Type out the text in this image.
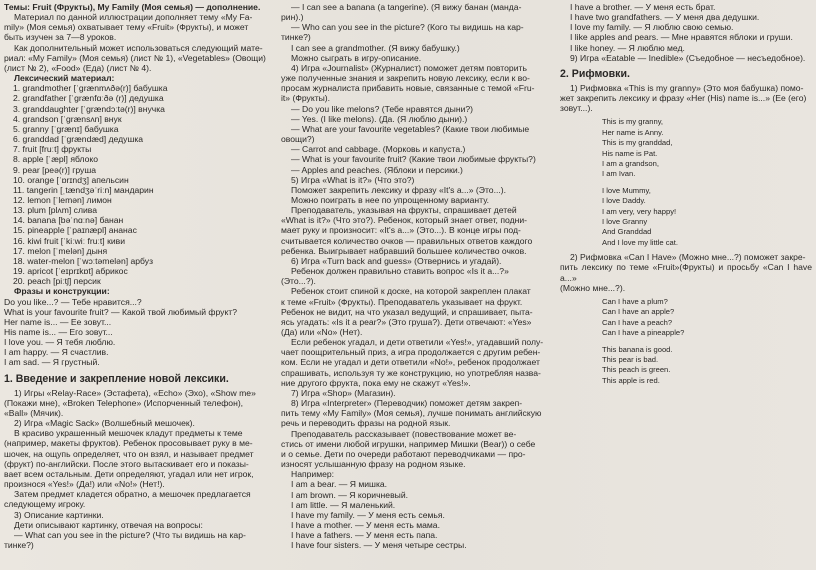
Темы: Fruit (Фрукты), My Family (Моя семья) — дополнение.

Материал по данной иллюстрации дополняет тему «My Fa-

mily» (Моя семья) охватывает тему «Fruit» (Фрукты), и может

быть изучен за 7—8 уроков.

Как дополнительный может использоваться следующий мате-

риал: «My Family» (Моя семья) (лист № 1), «Vegetables» (Овощи)

(лист № 2), «Food» (Еда) (лист № 4).

Лексический материал:

1. grandmother [ˈgrænmʌðə(r)] бабушка

2. grandfather [ˈgrænfɑːðə (r)] дедушка

3. granddaughter [ˈgrændɔːtə(r)] внучка

4. grandson [ˈgrænsʌn] внук

5. granny [ˈgrænɪ] бабушка

6. granddad [ˈgrændæd] дедушка

7. fruit [fruːt] фрукты

8. apple [ˈæpl] яблоко

9. pear [peə(r)] груша

10. orange [ˈɒrɪndʒ] апельсин

11. tangerin [ˌtændʒəˈriːn] мандарин

12. lemon [ˈlemən] лимон

13. plum [plʌm] слива

14. banana [bəˈnɑːnə] банан

15. pineapple [ˈpaɪnæpl] ананас

16. kiwi fruit [ˈkiːwiː fruːt] киви

17. melon [ˈmelən] дыня

18. water-melon [ˈwɔːtəmelən] арбуз

19. apricot [ˈeɪprɪkɒt] абрикос

20. peach [piːtʃ] персик

Фразы и конструкции:

Do you like...? — Тебе нравится...?

What is your favourite fruit? — Какой твой любимый фрукт?

Her name is... — Ее зовут...

His name is... — Его зовут...

I love you. — Я тебя люблю.

I am happy. — Я счастлив.

I am sad. — Я грустный.

1. Введение и закрепление новой лексики.

1) Игры «Relay-Race» (Эстафета), «Echo» (Эхо), «Show me»

(Покажи мне), «Broken Telephone» (Испорченный телефон),

«Ball» (Мячик).

2) Игра «Magic Sack» (Волшебный мешочек).

В красиво украшенный мешочек кладут предметы к теме

(например, макеты фруктов). Ребенок просовывает руку в ме-

шочек, на ощупь определяет, что он взял, и называет предмет

(фрукт) по-английски. После этого вытаскивает его и показы-

вает всем остальным. Дети определяют, угадал или нет игрок,

произнося «Yes!» (Да!) или «No!» (Нет!).

Затем предмет кладется обратно, а мешочек предлагается

следующему игроку.

3) Описание картинки.

Дети описывают картинку, отвечая на вопросы:

— What can you see in the picture? (Что ты видишь на кар-

тинке?)

— I can see a banana (a tangerine). (Я вижу банан (манда-

рин).)

— Who can you see in the picture? (Кого ты видишь на кар-

тинке?)

I can see a grandmother. (Я вижу бабушку.)

Можно сыграть в игру-описание.

4) Игра «Journalist» (Журналист) поможет детям повторить

уже полученные знания и закрепить новую лексику, если к во-

просам журналиста прибавить новые, связанные с темой «Fru-

it» (Фрукты).

— Do you like melons? (Тебе нравятся дыни?)

— Yes. (I like melons). (Да. (Я люблю дыни).)

— What are your favourite vegetables? (Какие твои любимые

овощи?)

— Carrot and cabbage. (Морковь и капуста.)

— What is your favourite fruit? (Какие твои любимые фрукты?)

— Apples and peaches. (Яблоки и персики.)

5) Игра «What is it?» (Что это?)

Поможет закрепить лексику и фразу «It's a...» (Это...).

Можно поиграть в нее по упрощенному варианту.

Преподаватель, указывая на фрукты, спрашивает детей

«What is it?» (Что это?). Ребенок, который знает ответ, подни-

мает руку и произносит: «It's a...» (Это...). В конце игры под-

считывается количество очков — правильных ответов каждого

ребенка. Выигрывает набравший большее количество очков.

6) Игра «Turn back and guess» (Отвернись и угадай).

Ребенок должен правильно ставить вопрос «Is it a...?»

(Это...?).

Ребенок стоит спиной к доске, на которой закреплен плакат

к теме «Fruit» (Фрукты). Преподаватель указывает на фрукт.

Ребенок не видит, на что указал ведущий, и спрашивает, пыта-

ясь угадать: «Is it a pear?» (Это груша?). Дети отвечают: «Yes»

(Да) или «No» (Нет).

Если ребенок угадал, и дети ответили «Yes!», угадавший полу-

чает поощрительный приз, а игра продолжается с другим ребен-

ком. Если не угадал и дети ответили «No!», ребенок продолжает

спрашивать, используя ту же конструкцию, но употребляя назва-

ние другого фрукта, пока ему не скажут «Yes!».

7) Игра «Shop» (Магазин).

8) Игра «Interpreter» (Переводчик) поможет детям закреп-

пить тему «My Family» (Моя семья), лучше понимать английскую

речь и переводить фразы на родной язык.

Преподаватель рассказывает (повествование может ве-

стись от имени любой игрушки, например Мишки (Bear)) о себе

и о семье. Дети по очереди работают переводчиками — про-

износят услышанную фразу на родном языке.

Например:

I am a bear. — Я мишка.

I am brown. — Я коричневый.

I am little. — Я маленький.

I have my family. — У меня есть семья.

I have a mother. — У меня есть мама.

I have a fathers. — У меня есть папа.

I have four sisters. — У меня четыре сестры.

I have a brother. — У меня есть брат.

I have two grandfathers. — У меня два дедушки.

I love my family. — Я люблю свою семью.

I like apples and pears. — Мне нравятся яблоки и груши.

I like honey. — Я люблю мед.

9) Игра «Eatable — Inedible» (Съедобное — несъедобное).

2. Рифмовки.

1) Рифмовка «This is my granny» (Это моя бабушка) помо-

жет закрепить лексику и фразу «Her (His) name is...» (Ее (его)

зовут...).

This is my granny,
Her name is Anny.
This is my granddad,
His name is Pat.
I am a grandson,
I am Ivan.
I love Mummy,
I love Daddy.
I am very, very happy!
I love Granny
And Granddad
And I love my little cat.

2) Рифмовка «Can I Have» (Можно мне...?) поможет закре-

пить лексику по теме «Fruit»(Фрукты) и просьбу «Can I have a...»

(Можно мне...?).

Can I have a plum?
Can I have an apple?
Can I have a peach?
Can I have a pineapple?
This banana is good.
This pear is bad.
This peach is green.
This apple is red.
